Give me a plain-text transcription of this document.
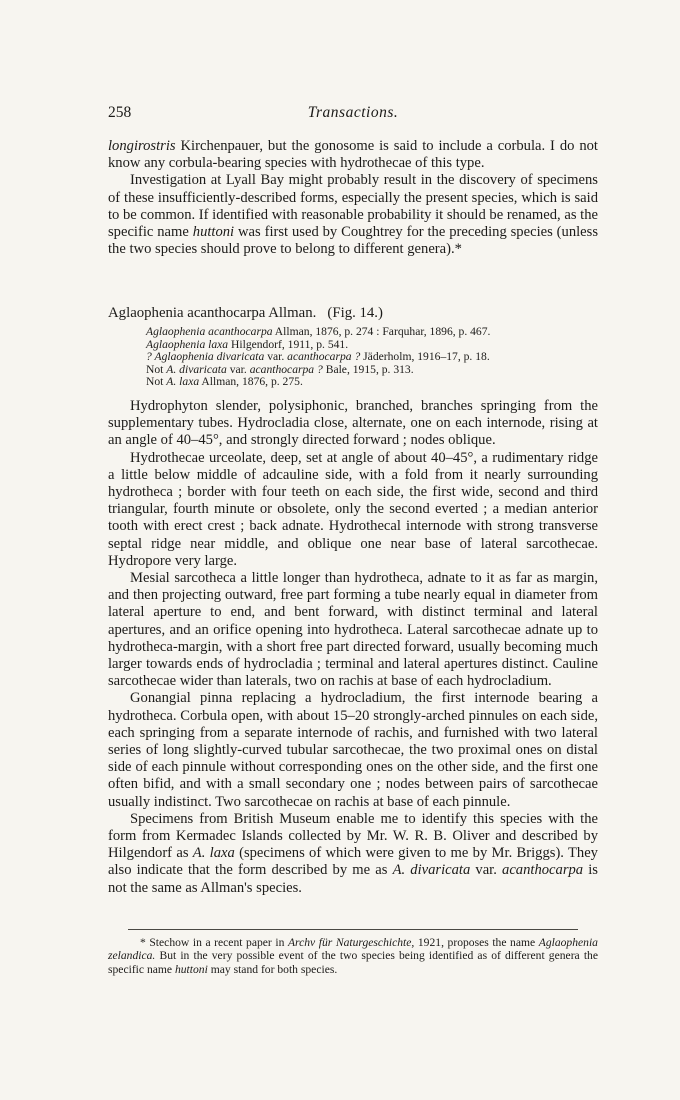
258	Transactions.

longirostris Kirchenpauer, but the gonosome is said to include a corbula. I do not know any corbula-bearing species with hydrothecae of this type.

Investigation at Lyall Bay might probably result in the discovery of specimens of these insufficiently-described forms, especially the present species, which is said to be common. If identified with reasonable probability it should be renamed, as the specific name huttoni was first used by Coughtrey for the preceding species (unless the two species should prove to belong to different genera).*

Aglaophenia acanthocarpa Allman. (Fig. 14.)
Aglaophenia acanthocarpa Allman, 1876, p. 274 : Farquhar, 1896, p. 467.
Aglaophenia laxa Hilgendorf, 1911, p. 541.
? Aglaophenia divaricata var. acanthocarpa ? Jäderholm, 1916–17, p. 18.
Not A. divaricata var. acanthocarpa ? Bale, 1915, p. 313.
Not A. laxa Allman, 1876, p. 275.

Hydrophyton slender, polysiphonic, branched, branches springing from the supplementary tubes. Hydrocladia close, alternate, one on each internode, rising at an angle of 40–45°, and strongly directed forward ; nodes oblique.

Hydrothecae urceolate, deep, set at angle of about 40–45°, a rudimentary ridge a little below middle of adcauline side, with a fold from it nearly surrounding hydrotheca ; border with four teeth on each side, the first wide, second and third triangular, fourth minute or obsolete, only the second everted ; a median anterior tooth with erect crest ; back adnate. Hydrothecal internode with strong transverse septal ridge near middle, and oblique one near base of lateral sarcothecae. Hydropore very large.

Mesial sarcotheca a little longer than hydrotheca, adnate to it as far as margin, and then projecting outward, free part forming a tube nearly equal in diameter from lateral aperture to end, and bent forward, with distinct terminal and lateral apertures, and an orifice opening into hydrotheca. Lateral sarcothecae adnate up to hydrotheca-margin, with a short free part directed forward, usually becoming much larger towards ends of hydrocladia ; terminal and lateral apertures distinct. Cauline sarcothecae wider than laterals, two on rachis at base of each hydrocladium.

Gonangial pinna replacing a hydrocladium, the first internode bearing a hydrotheca. Corbula open, with about 15–20 strongly-arched pinnules on each side, each springing from a separate internode of rachis, and furnished with two lateral series of long slightly-curved tubular sarcothecae, the two proximal ones on distal side of each pinnule without corresponding ones on the other side, and the first one often bifid, and with a small secondary one ; nodes between pairs of sarcothecae usually indistinct. Two sarcothecae on rachis at base of each pinnule.

Specimens from British Museum enable me to identify this species with the form from Kermadec Islands collected by Mr. W. R. B. Oliver and described by Hilgendorf as A. laxa (specimens of which were given to me by Mr. Briggs). They also indicate that the form described by me as A. divaricata var. acanthocarpa is not the same as Allman's species.

* Stechow in a recent paper in Archv für Naturgeschichte, 1921, proposes the name Aglaophenia zelandica. But in the very possible event of the two species being identified as of different genera the specific name huttoni may stand for both species.
